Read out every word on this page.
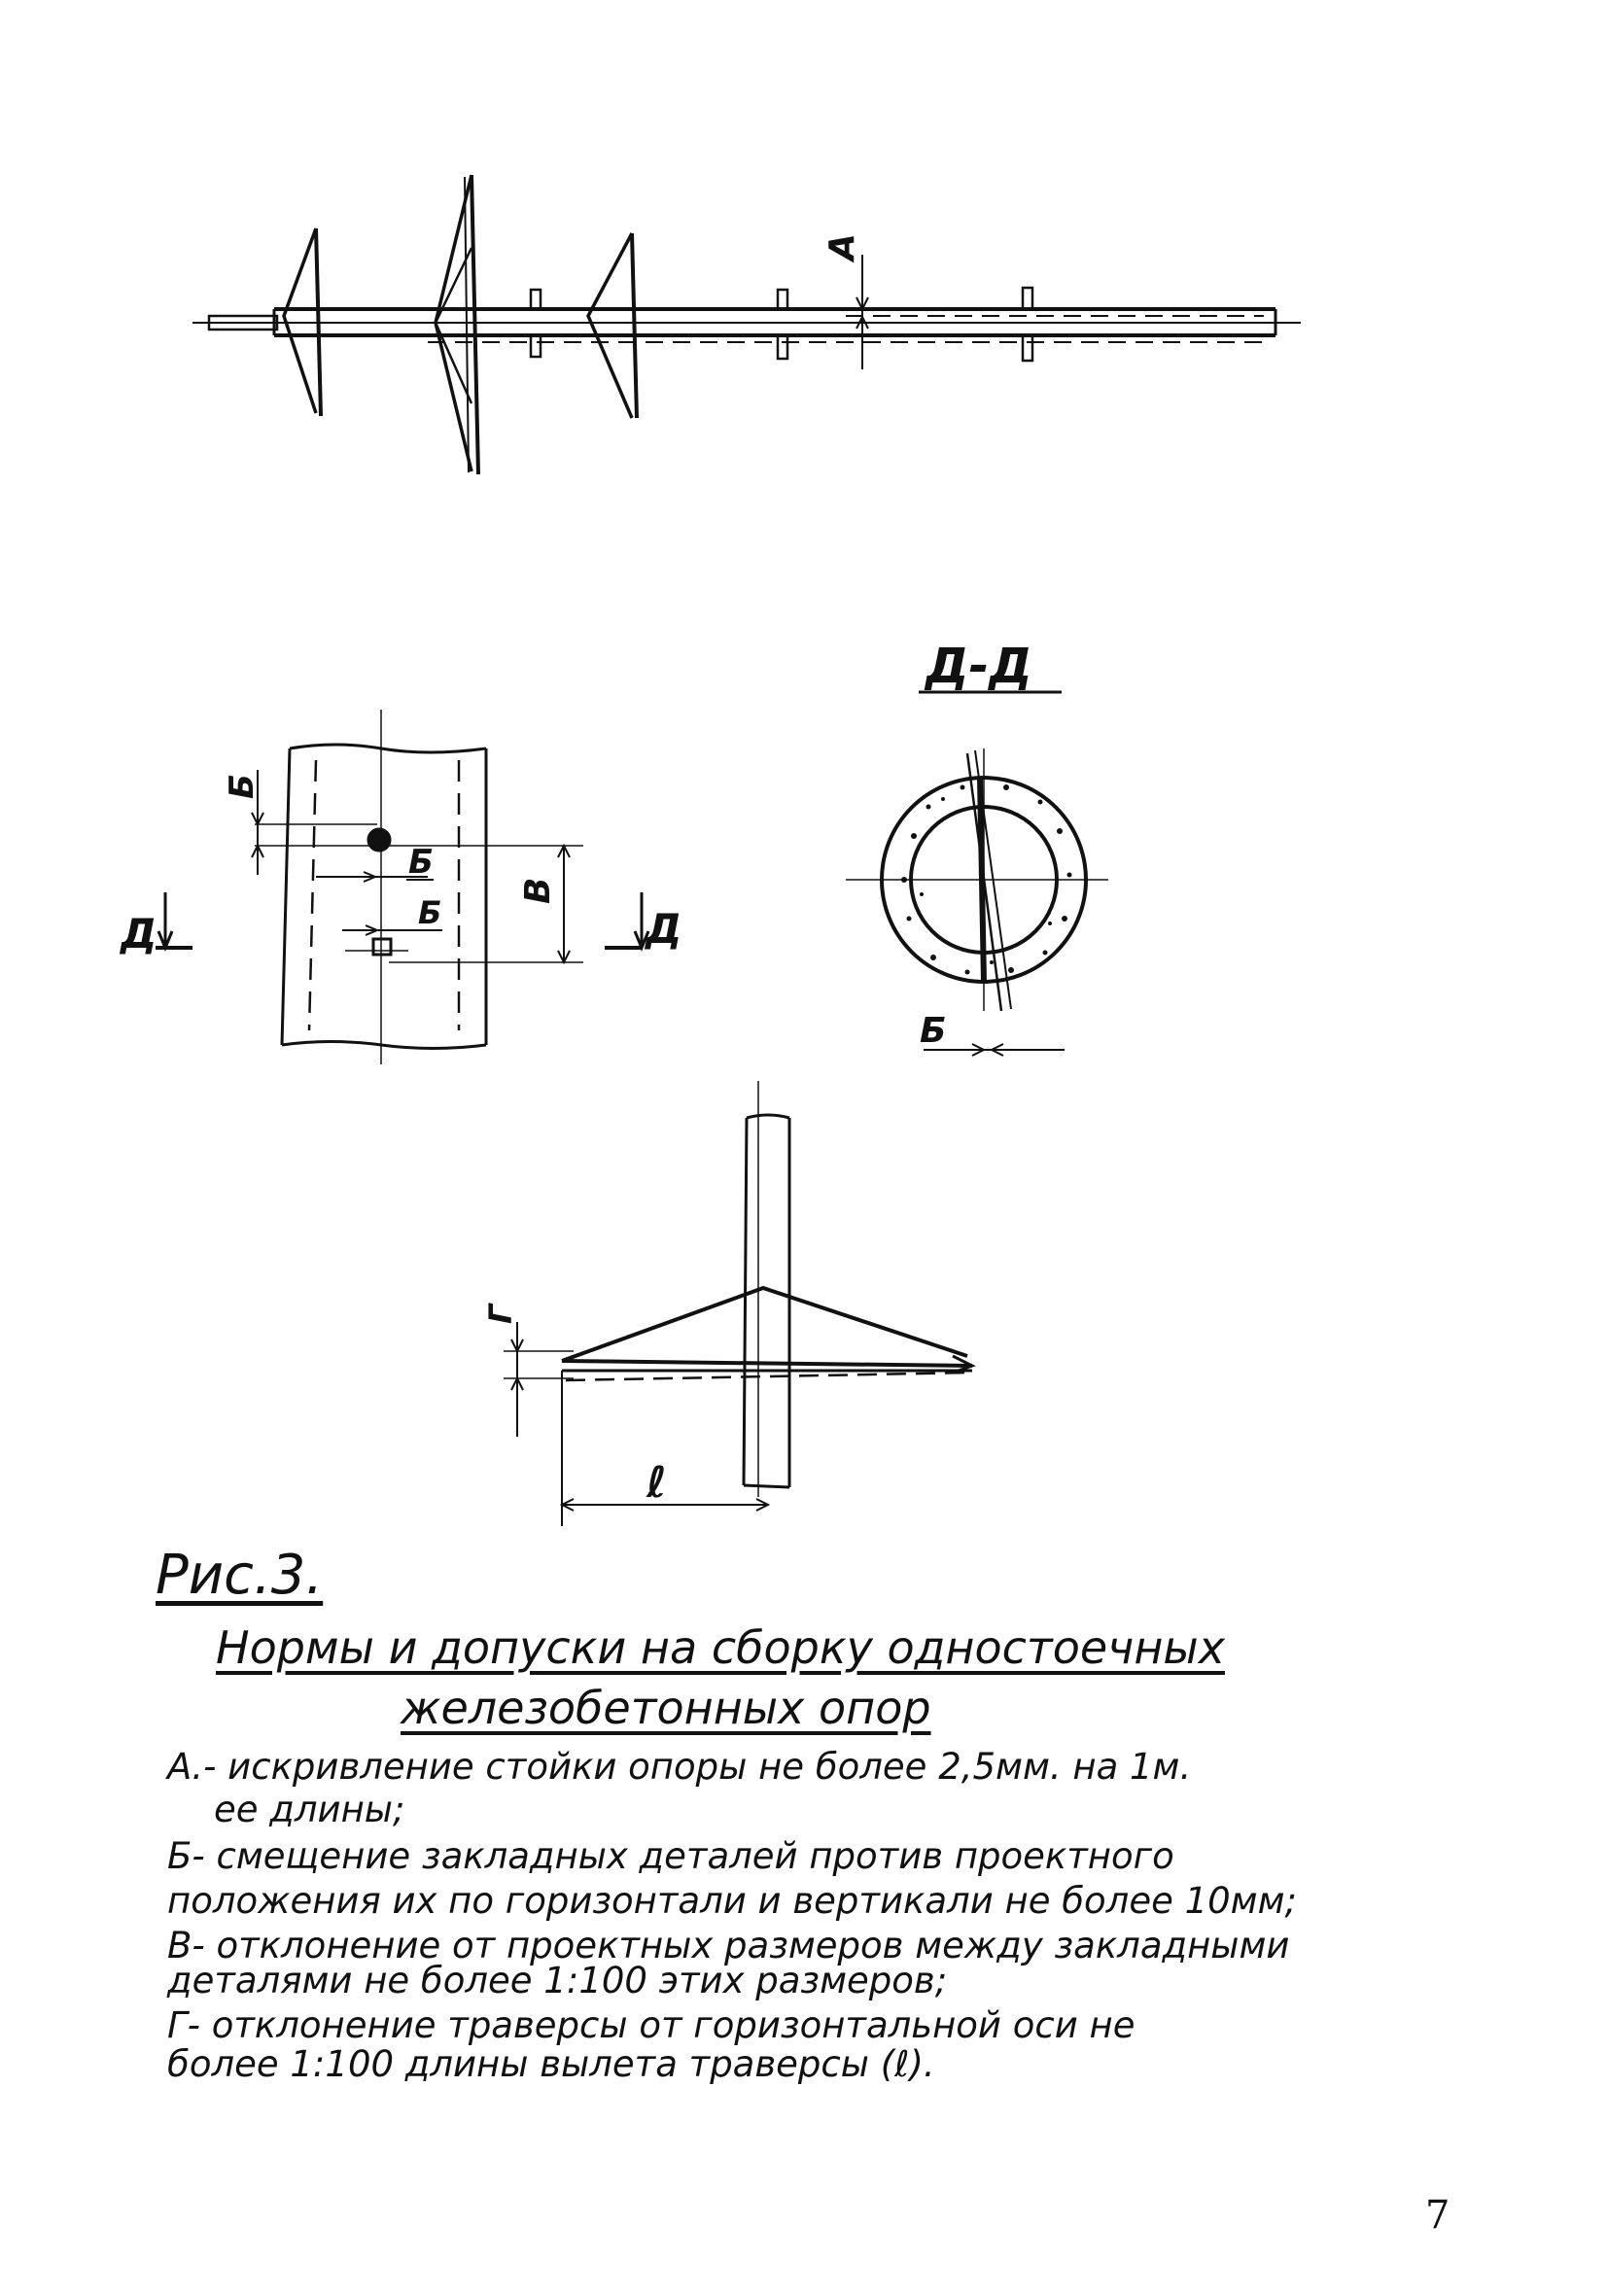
А
Б
Б
Б
В
Д	Д
Д-Д
Б
Г
ℓ
Рис.3.
Нормы и допуски на сборку одностоечных
железобетонных опор
А.- искривление стойки опоры не более 2,5мм. на 1м.
ее длины;
Б- смещение закладных деталей против проектного
положения их по горизонтали и вертикали не более 10мм;
В- отклонение от проектных размеров между закладными
деталями не более 1:100 этих размеров;
Г- отклонение траверсы от горизонтальной оси не
более 1:100 длины вылета траверсы (ℓ).
7
